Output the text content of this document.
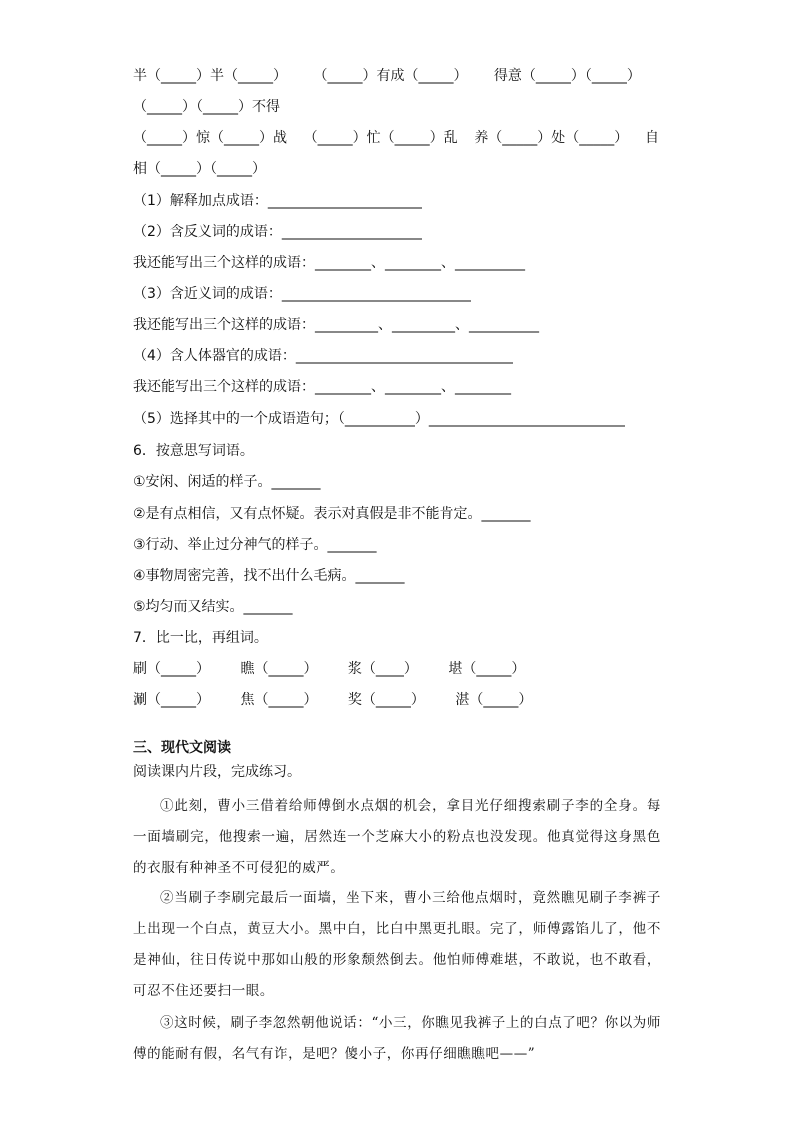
半（_____）半（_____） （_____）有成（_____） 得意（_____）（_____）
（_____）（_____）不得
（_____）惊（_____）战 （_____）忙（_____）乱 养（_____）处（_____） 自
相（_____）（_____）
（1）解释加点成语：______________________
（2）含反义词的成语：____________________
我还能写出三个这样的成语：________、________、__________
（3）含近义词的成语：___________________________
我还能写出三个这样的成语：_________、_________、__________
（4）含人体器官的成语：_______________________________
我还能写出三个这样的成语：________、________、________
（5）选择其中的一个成语造句；（__________）____________________________
6．按意思写词语。
①安闲、闲适的样子。_______
②是有点相信，又有点怀疑。表示对真假是非不能肯定。_______
③行动、举止过分神气的样子。_______
④事物周密完善，找不出什么毛病。_______
⑤均匀而又结实。_______
7．比一比，再组词。
刷（_____） 瞧（_____） 浆（____） 堪（_____）
涮（_____） 焦（_____） 奖（_____） 湛（_____）
三、现代文阅读
阅读课内片段，完成练习。
①此刻，曹小三借着给师傅倒水点烟的机会，拿目光仔细搜索刷子李的全身。每一面墙刷完，他搜索一遍，居然连一个芝麻大小的粉点也没发现。他真觉得这身黑色的衣服有种神圣不可侵犯的威严。
②当刷子李刷完最后一面墙，坐下来，曹小三给他点烟时，竟然瞧见刷子李裤子上出现一个白点，黄豆大小。黑中白，比白中黑更扎眼。完了，师傅露馅儿了，他不是神仙，往日传说中那如山般的形象颓然倒去。他怕师傅难堪，不敢说，也不敢看，可忍不住还要扫一眼。
③这时候，刷子李忽然朝他说话：“小三，你瞧见我裤子上的白点了吧？你以为师傅的能耐有假，名气有诈，是吧？傻小子，你再仔细瞧瞧吧——”
